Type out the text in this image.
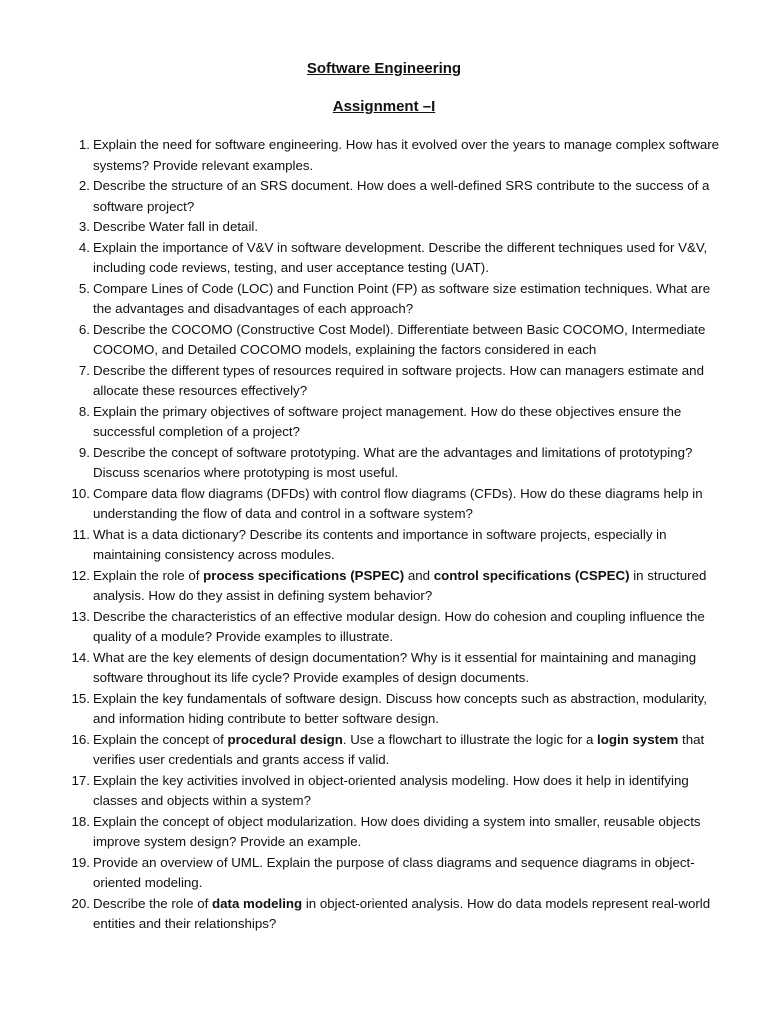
Software Engineering
Assignment –I
1. Explain the need for software engineering. How has it evolved over the years to manage complex software systems? Provide relevant examples.
2. Describe the structure of an SRS document. How does a well-defined SRS contribute to the success of a software project?
3. Describe Water fall in detail.
4. Explain the importance of V&V in software development. Describe the different techniques used for V&V, including code reviews, testing, and user acceptance testing (UAT).
5. Compare Lines of Code (LOC) and Function Point (FP) as software size estimation techniques. What are the advantages and disadvantages of each approach?
6. Describe the COCOMO (Constructive Cost Model). Differentiate between Basic COCOMO, Intermediate COCOMO, and Detailed COCOMO models, explaining the factors considered in each
7. Describe the different types of resources required in software projects. How can managers estimate and allocate these resources effectively?
8. Explain the primary objectives of software project management. How do these objectives ensure the successful completion of a project?
9. Describe the concept of software prototyping. What are the advantages and limitations of prototyping? Discuss scenarios where prototyping is most useful.
10. Compare data flow diagrams (DFDs) with control flow diagrams (CFDs). How do these diagrams help in understanding the flow of data and control in a software system?
11. What is a data dictionary? Describe its contents and importance in software projects, especially in maintaining consistency across modules.
12. Explain the role of process specifications (PSPEC) and control specifications (CSPEC) in structured analysis. How do they assist in defining system behavior?
13. Describe the characteristics of an effective modular design. How do cohesion and coupling influence the quality of a module? Provide examples to illustrate.
14. What are the key elements of design documentation? Why is it essential for maintaining and managing software throughout its life cycle? Provide examples of design documents.
15. Explain the key fundamentals of software design. Discuss how concepts such as abstraction, modularity, and information hiding contribute to better software design.
16. Explain the concept of procedural design. Use a flowchart to illustrate the logic for a login system that verifies user credentials and grants access if valid.
17. Explain the key activities involved in object-oriented analysis modeling. How does it help in identifying classes and objects within a system?
18. Explain the concept of object modularization. How does dividing a system into smaller, reusable objects improve system design? Provide an example.
19. Provide an overview of UML. Explain the purpose of class diagrams and sequence diagrams in object-oriented modeling.
20. Describe the role of data modeling in object-oriented analysis. How do data models represent real-world entities and their relationships?
